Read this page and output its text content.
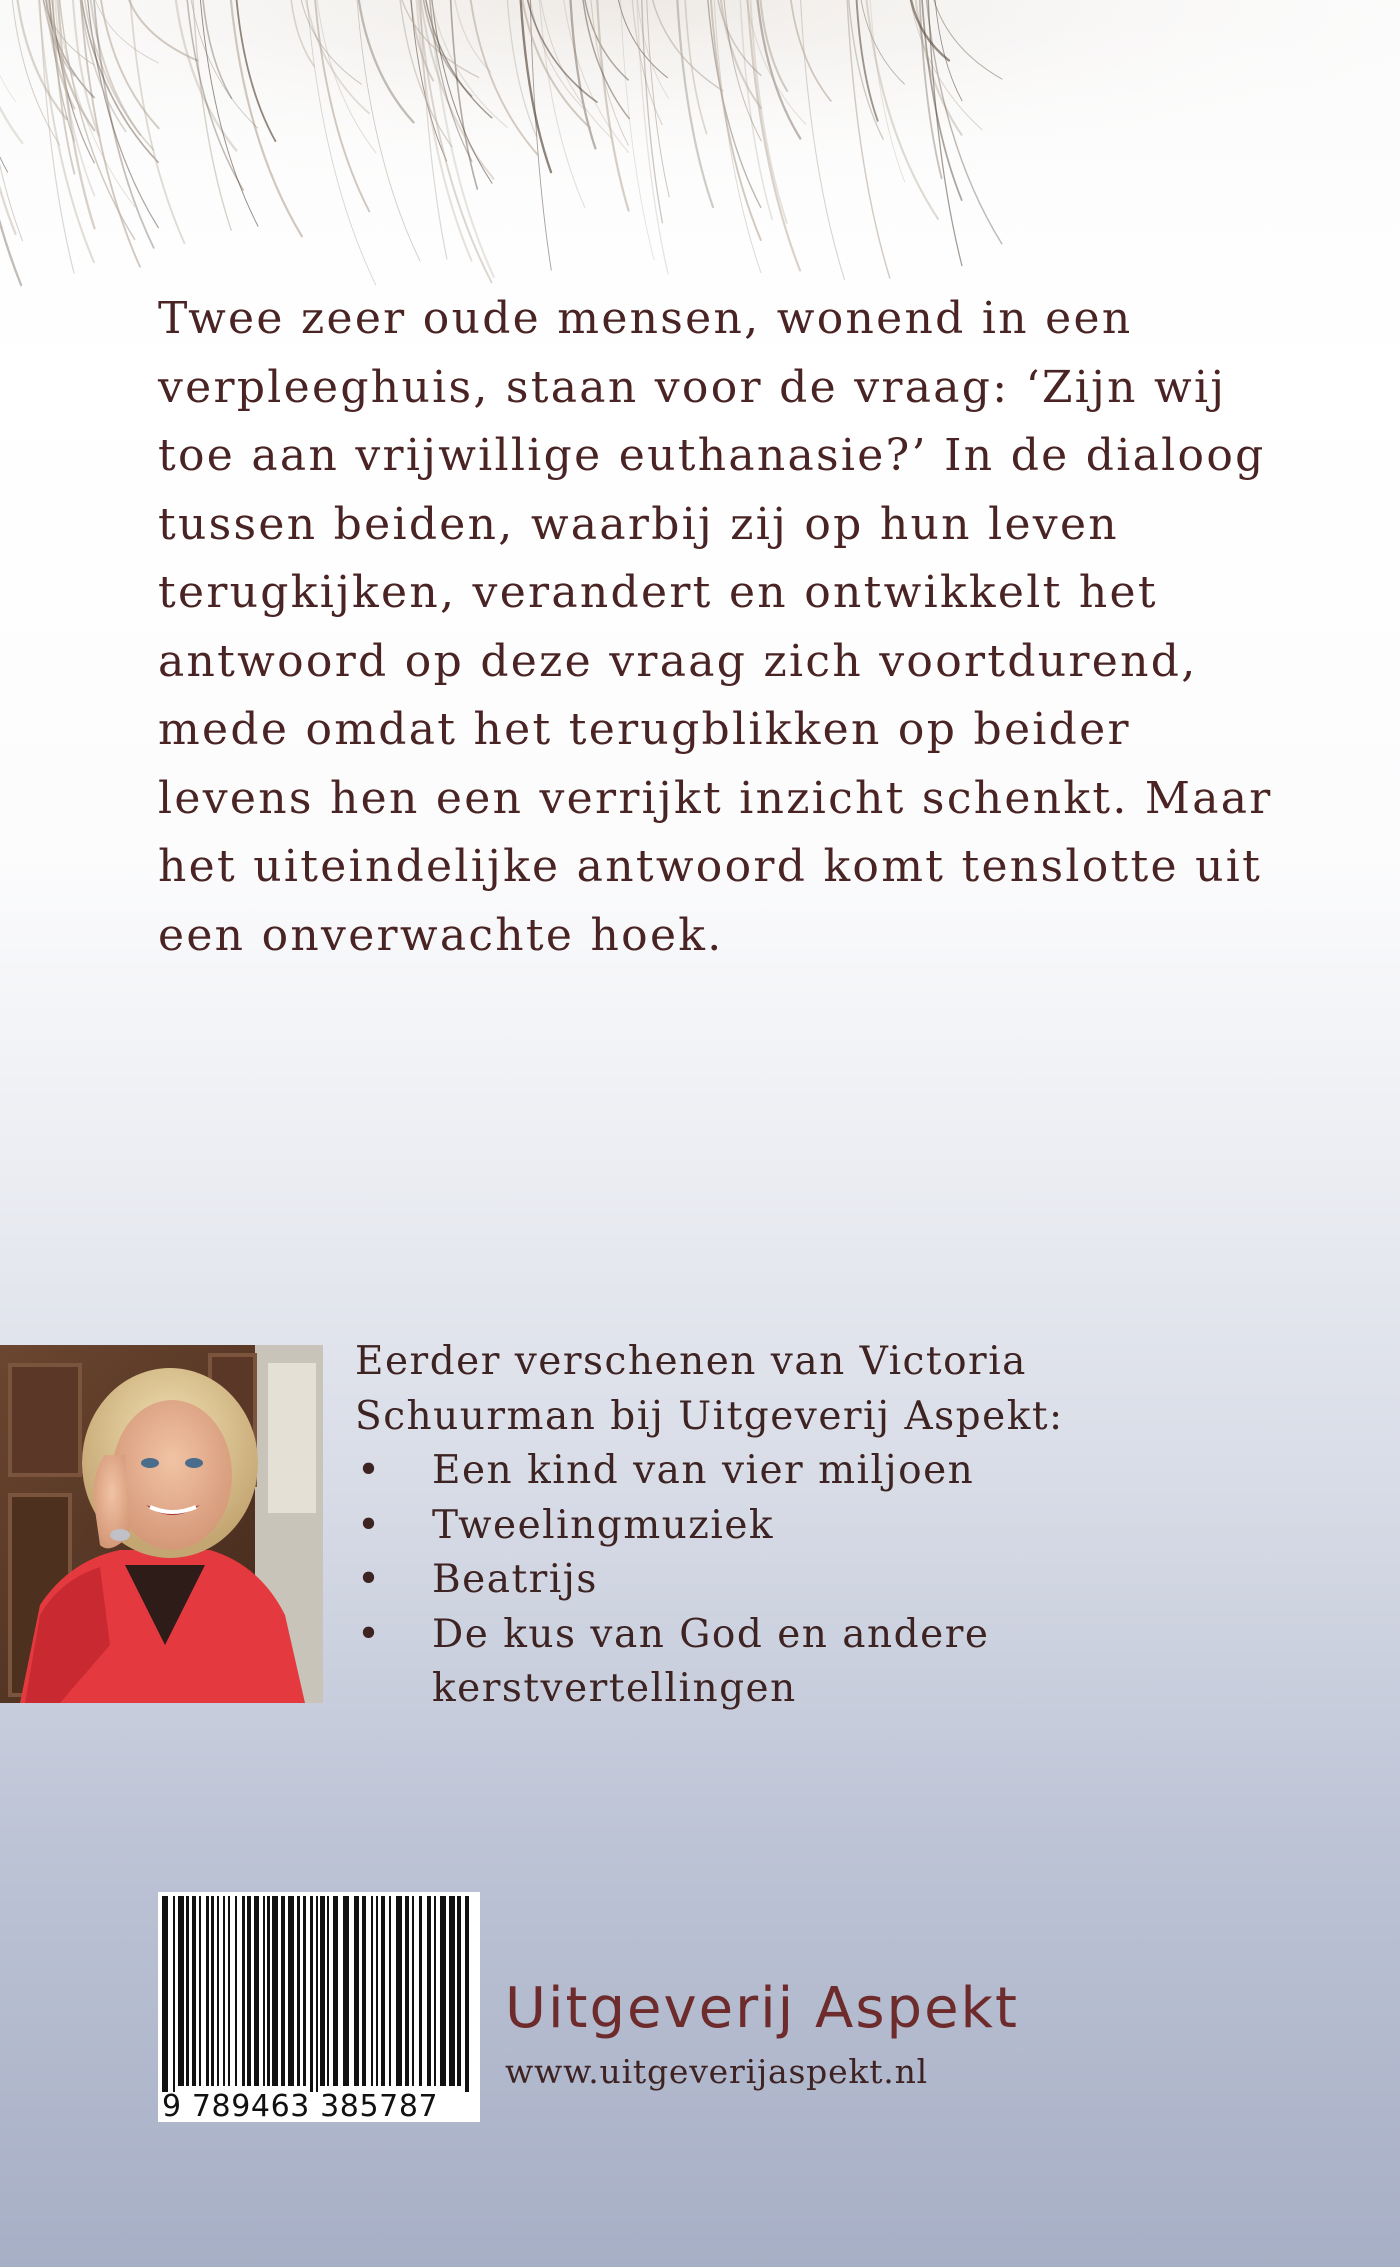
Twee zeer oude mensen, wonend in een verpleeghuis, staan voor de vraag: ‘Zijn wij toe aan vrijwillige euthanasie?’ In de dialoog tussen beiden, waarbij zij op hun leven terugkijken, verandert en ontwikkelt het antwoord op deze vraag zich voortdurend, mede omdat het terugblikken op beider levens hen een verrijkt inzicht schenkt. Maar het uiteindelijke antwoord komt tenslotte uit een onverwachte hoek.

Eerder verschenen van Victoria Schuurman bij Uitgeverij Aspekt:

• Een kind van vier miljoen
• Tweelingmuziek
• Beatrijs
• De kus van God en andere kerstvertellingen
9 789463 385787
Uitgeverij Aspekt
www.uitgeverijaspekt.nl
